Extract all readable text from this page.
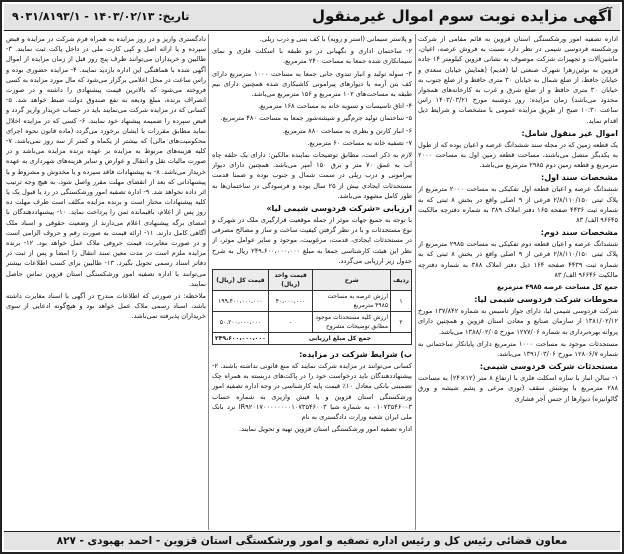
آگهی مزایده نوبت سوم اموال غیرمنقول
تاریخ: ۱۴۰۳/۰۲/۱۳ - ۹۰۳۱/۸۱۹۳/۱

اداره تصفیه امور ورشکستگی استان قزوین به قائم مقامی از شرکت ورشکسته فردوسی شیمی در نظر دارد نسبت به فروش عرصه، اعیان، ماشین‌آلات و تجهیزات شرکت موصوف به نشانی قزوین کیلومتر ۱۴ جاده قزوین به بوئین‌زهرا شهرک صنعتی لیا (قدیم) (همایش خیابان سعدی و خیابان حافظ، از ضلع شمال به خیابان ۳۰ متری حافظ و از ضلع جنوب به خیابان ۳۰ متری حافظ و از ضلع شرق و غرب به کارخانه‌های همجوار محدود می‌باشد) زمان مزایده: روز دوشنبه مورخ ۱۴۰۳/۰۳/۲۱ راس ساعت ۱۰:۳۰ صبح از طریق مزایده عمومی با مشخصات و شرایط ذیل اقدام نماید.

اموال غیر منقول شامل:

یک قطعه زمین که در مجله سند ششدانگ عرصه و اعیان بوده که از طول به یکدیگر متصل می‌باشند، مساحت قطعه زمین اول به مساحت ۲۰۰۰ مترمربع و قطعه زمین دوم ۲۹۸۵ مترمربع می‌باشد.

مشخصات سند اول:

ششدانگ عرصه و اعیان قطعه اول تفکیکی به مساحت ۲۰۰۰ مترمربع از پلاک ثبتی ۲/۸/۱۱۰/۱۵۰ فرعی از ۹ اصلی واقع در بخش ۸ ثبتی که به شماره ثبت ۴۴۳۶ صفحه ۱۶۵ دفتر املاک ۳۸۹ به شماره دفترچه مالکیت ۹۶۶۴۵ الف/ ۸۳

مشخصات سند دوم:

ششدانگ عرصه و اعیان قطعه دوم تفکیکی به مساحت ۲۹۸۵ مترمربع از پلاک ثبتی ۲/۸/۱۱۰/۱۵۰ فرعی از ۹ اصلی واقع در بخش ۸ ثبتی که به شماره ثبت ۴۴۳۹ صفحه ۱۶۴ ذیل دفتر املاک ۳۸۸ به شماره دفترچه مالکیت ۹۶۶۴۶ الف/ ۸۳

جمع کل مساحت عرصه ۴۹۸۵ مترمربع

محوطات شرکت فردوسی شیمی لیا:

شرکت فردوسی شیمی لیا، دارای جواز تاسیس به شماره ۱۳۷/۸۴۲ مورخ ۱۳۸۱/۰۲/۱۲ از سازمان صنایع و معادن استان قزوین و همچنین دارای پروانه بهره‌برداری به شماره ۱۲۷۷/۰۶ مورخ ۱۳۸۸/۰۲/۰۵ می‌باشد.

مستحدثات موجود به مساحت ۱۰۰۰ مترمربع دارای پایانکار ساختمانی به شماره ۱۲۸۰۶/۷ مورخ ۱۳۹۱/۰۳/۰۶ می‌باشد.

مستحدثات شرکت فردوسی شیمی:

۱- سالن انبار با سازه اسکلت فلزی با ارتفاع ۸ متر (۱۲×۲۴) به مساحت ۲۸۸ مترمربع با پوشش سقف (توری مرغی و پشم شیشه و ورق گالوانیزه) دیوارها از جنس آجر فشاری

و پلاستر سیمانی (استر و رویه) با کف بتنی و درب ریلی.

۲- ساختمان اداری و نگهبانی در دو طبقه با اسکلت فلزی و نمای سیمانکاری شده جمعا به مساحت ۲۴۰ مترمربع.

۳- سوله تولید و انبار تندوی جانی جمعا به مساحت ۱۰۰۰ مترمربع دارای کف بتن آرمه با دیوارهای پیرامونی کاشیکاری شده همچنین دارای نیم طبقه به مساحت‌های ۱۰۲ مترمربع و ۱۵۶ مترمربع می‌باشد.

۴- اتاق تاسیسات و تسویه خانه به مساحت ۱۶۸ مترمربع.

۵- ساختمان تولید جرم‌گیر و شیشه‌شور جمعا به مساحت ۴۸۰ مترمربع.

۶- انبار کارتن و بطری به مساحت ۸۸۰ مترمربع.

۷- تصفیه خانه به مساحت ۶۰ مترمربع.

لازم به ذکر است، مطابق توضیحات نماینده مالکین: دارای یک حلقه چاه آب به عمق ۷۰ متر و برق ۱۵۰ آمپر می‌باشد. همچنین دارای دیوار پیرامونی و درب ریلی در سمت شمال و جنوب بوده و ضمنا قدمت مستحدثات ایجادی بیش از ۲۵ سال بوده و فرسودگی در ساختمان‌ها به طور کامل مشهود می‌باشد.

ارزیابی «شرکت فردوسی شیمی لیا»

با توجه به جمیع جهات موثر از جمله موقعیت قرارگیری ملک در شهرک و نوع مستحدثات و با در نظر گرفتن کیفیت ساخت و ساز و مصالح مصرفی در مستحدثات ایجادی، قدمت، مرغوبیت، موجود و سایر عوامل موثر، از نظر این هیئت کارشناسی جمعا به مبلغ ۲۴۹،۶۰۰،۰۰۰،۰۰۰ ریال به شرح جدول زیر ارزیابی می‌گردد.

ردیف	شرح	قیمت واحد (ریال)	قیمت کل (ریال)
۱	ارزش عرصه به مساحت ۴۹۸۵ مترمربع	۴۰،۰۰۰،۰۰۰	۱۹۹،۴۰۰،۰۰۰،۰۰۰
۲	ارزش کلیه مستحدثات موجود مطابق توضیحات مشروح	-	۵۰،۲۰۰،۰۰۰،۰۰۰
جمع کل مبلغ ارزیابی			۲۴۹،۶۰۰،۰۰۰،۰۰۰
ب) شرایط شرکت در مزایده:

کسانی می‌توانند در مزایده شرکت نمایند که منع قانونی نداشته باشند. ۲- پیشنهاددهندگان باید درخواست خود را در پاکت‌های دربسته به همراه چک تضمینی بانکی معادل ۱۰٪ قیمت پایه کارشناسی در وجه اداره تصفیه امور ورشکستگی استان قزوین و یا فیش واریزی به شماره حساب ۰۱۰۷۳۵۴۶۰۰۳ به شماره شبا IR۹۲۰۱۷۰۰۰۰۰۰۰۰۱۰۷۳۵۴۶۰۰۳ نزد بانک ملی ایران شعبه وزارت دادگستری به نام

اداره تصفیه امور ورشکستگی استان قزوین تهیه و تحویل نمایند.

دادگستری واریز و در روز مزایده به همراه فرم شرکت در مزایده و قبض سپرده و یا ارائه اصل و کپی کارت ملی در داخل پاکت ثبت نمایند. ۳- طالبین و خریداران می‌توانند ظرف پنج روز قبل از زمان مزایده از اموال آگهی شده با هماهنگی این اداره بازدید نمایند. ۴- مزایده حضوری بوده و راس ساعت در محل اعلامی برگزار می‌شود که مال مورد مزایده به کسی فروخته می‌شود که بالاترین قیمت پیشنهادی را داشته و در صورت انصراف برنده، مبلغ ودیعه به نفع صندوق دولت ضبط خواهد شد. ۵- کسانی که در مزایده شرکت می‌نمایند باید در حساب خریدار واریز گردد و قبض سپرده را ضمیمه پیشنهاد خود نمایند. ۶- کسی که در مزایده اخلال نماید مطابق مقررات با ایشان برخورد می‌گردد (ماده قانون نحوه اجرای محکومیت‌های مالی) که بیشتر از یکماه و کمتر از سه روز نمی‌باشد. ۷- کلیه هزینه‌های مربوط به مزایده بر عهده برنده مزایده می‌باشد و در صورت مالیات نقل و انتقال و عوارض و سایر هزینه‌های شهرداری به عهده خریدار می‌باشد. ۸- به پیشنهادات فاقد سپرده و یا مخدوش و مشروط و یا پیشنهاداتی که بعد از انقضای مهلت مقرر واصل شود، به هیچ وجه ترتیب اثر داده نخواهد شد. ۹- اداره تصفیه امور ورشکستگی در رد یا قبول یک یا کلیه پیشنهادات مختار است و برنده مزایده مکلف است ظرف مهلت ده روز پس از اعلام، باقیمانده ثمن را پرداخت نماید. ۱۰- پیشنهاددهندگان با امضای برگه پیشنهادی اعلام می‌دارند از وضعیت حقوقی و اسناد ملک آگاهی کامل دارند. ۱۱- ارائه قیمت به صورت رقم و حروف الزامی است و در صورت مغایرت، قیمت حروفی ملاک عمل خواهد بود. ۱۲- برنده مزایده ملزم است در مدت معین سند انتقال را امضا و پس از ثبت در دفاتر اسناد رسمی تحویل بگیرد. ۱۳- طالبین برای کسب اطلاعات بیشتر می‌توانند با اداره تصفیه امور ورشکستگی استان قزوین تماس حاصل نمایند.

ملاحظه: در صورتی که اطلاعات مندرج در آگهی با اسناد مغایرت داشته باشد، اسناد رسمی ملاک عمل خواهد بود و هیچ‌گونه ادعایی از سوی خریداران پذیرفته نمی‌باشد.

معاون قضائی رئیس کل و رئیس اداره تصفیه و امور ورشکستگی استان قزوین - احمد بهبودی - ۸۲۷
